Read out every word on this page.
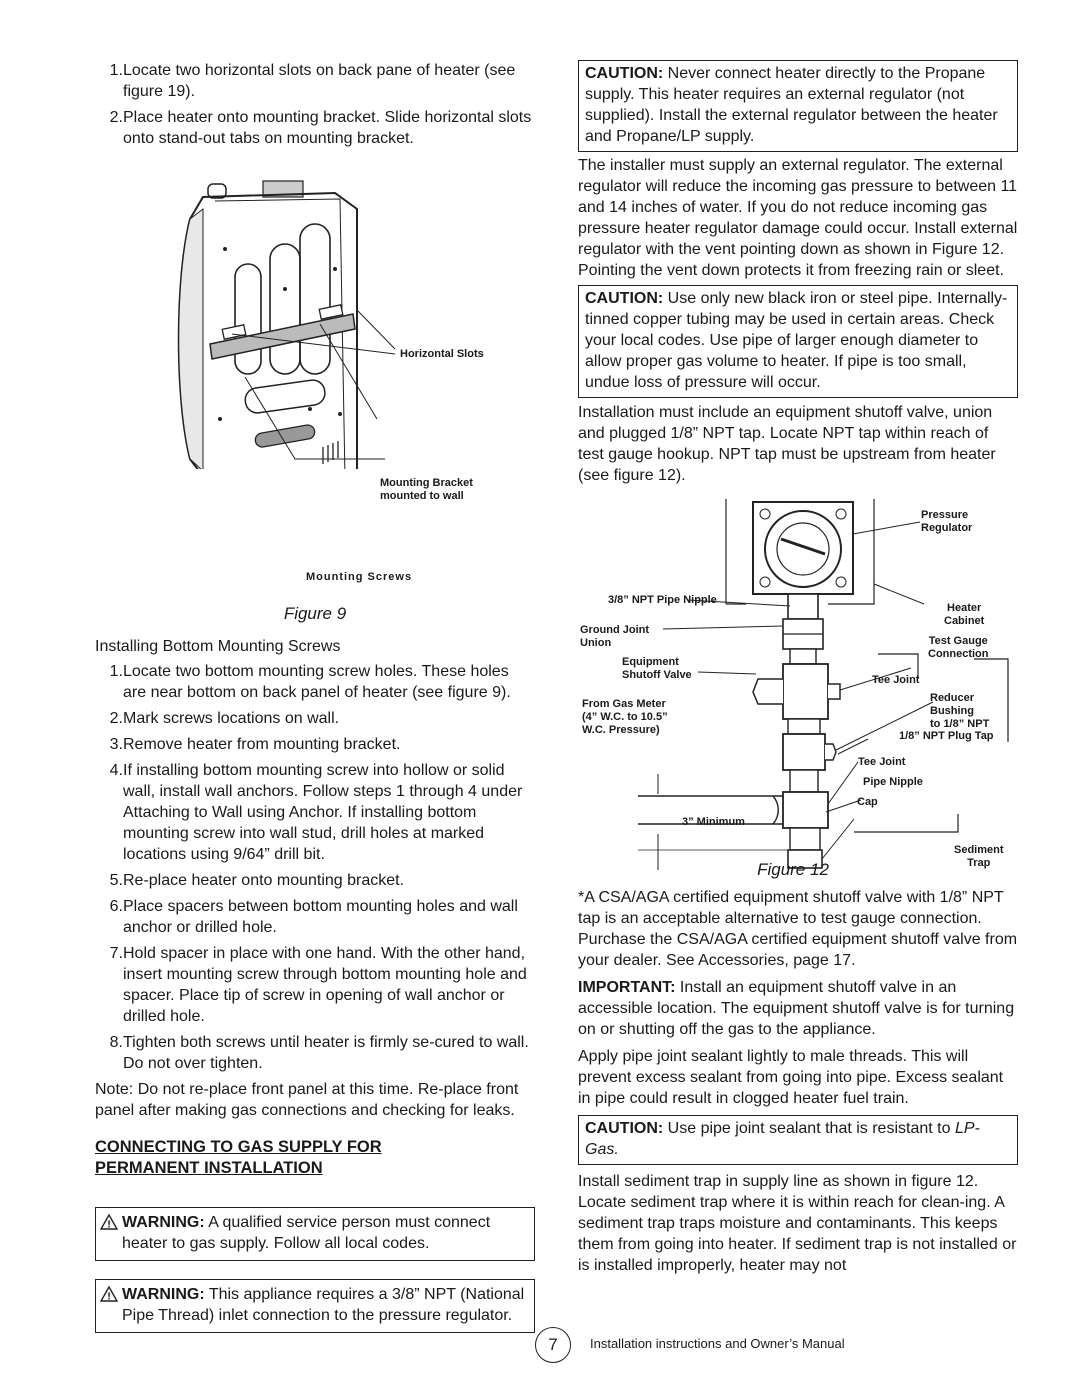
1 . Locate two horizontal slots on back pane of heater (see figure 19).
2 . Place heater onto mounting bracket. Slide horizontal slots onto stand-out tabs on mounting bracket.
Horizontal Slots
Mounting Bracket
mounted to wall
Mounting Screws
Figure 9
Installing Bottom Mounting Screws
1 . Locate two bottom mounting screw holes. These holes are near bottom on back panel of heater (see figure 9).
2 . Mark screws locations on wall.
3 . Remove heater from mounting bracket.
4 . If installing bottom mounting screw into hollow or solid wall, install wall anchors. Follow steps 1 through 4 under Attaching to Wall using Anchor. If installing bottom mounting screw into wall stud, drill holes at marked locations using 9/64” drill bit.
5 . Re-place heater onto mounting bracket.
6 . Place spacers between bottom mounting holes and wall anchor or drilled hole.
7 . Hold spacer in place with one hand. With the other hand, insert mounting screw through bottom mounting hole and spacer. Place tip of screw in opening of wall anchor or drilled hole.
8 . Tighten both screws until heater is firmly se-cured to wall. Do not over tighten.

Note: Do not re-place front panel at this time. Re-place front panel after making gas connections and checking for leaks.

CONNECTING TO GAS SUPPLY FOR
PERMANENT INSTALLATION
! WARNING: A qualified service person must connect heater to gas supply. Follow all local codes.
! WARNING: This appliance requires a 3/8” NPT (National Pipe Thread) inlet connection to the pressure regulator.
CAUTION: Never connect heater directly to the Propane supply. This heater requires an external regulator (not supplied). Install the external regulator between the heater and Propane/LP supply.

The installer must supply an external regulator. The external regulator will reduce the incoming gas pressure to between 11 and 14 inches of water. If you do not reduce incoming gas pressure heater regulator damage could occur. Install external regulator with the vent pointing down as shown in Figure 12. Pointing the vent down protects it from freezing rain or sleet.

CAUTION: Use only new black iron or steel pipe. Internally-tinned copper tubing may be used in certain areas. Check your local codes. Use pipe of larger enough diameter to allow proper gas volume to heater. If pipe is too small, undue loss of pressure will occur.

Installation must include an equipment shutoff valve, union and plugged 1/8” NPT tap. Locate NPT tap within reach of test gauge hookup. NPT tap must be upstream from heater (see figure 12).

Pressure
Regulator
3/8” NPT Pipe Nipple
Heater
Cabinet
Ground Joint
Union	Test Gauge
Connection
Equipment
Shutoff Valve	Tee Joint
Reducer Bushing
to 1/8” NPT
From Gas Meter
(4” W.C. to 10.5”
W.C. Pressure)	1/8” NPT Plug Tap
Tee Joint
Pipe Nipple
Cap
3” Minimum
Sediment
Trap
Figure 12

*A CSA/AGA certified equipment shutoff valve with 1/8” NPT tap is an acceptable alternative to test gauge connection. Purchase the CSA/AGA certified equipment shutoff valve from your dealer. See Accessories, page 17.

IMPORTANT: Install an equipment shutoff valve in an accessible location. The equipment shutoff valve is for turning on or shutting off the gas to the appliance.

Apply pipe joint sealant lightly to male threads. This will prevent excess sealant from going into pipe. Excess sealant in pipe could result in clogged heater fuel train.

CAUTION: Use pipe joint sealant that is resistant to LP-Gas.

Install sediment trap in supply line as shown in figure 12. Locate sediment trap where it is within reach for clean-ing. A sediment trap traps moisture and contaminants. This keeps them from going into heater. If sediment trap is not installed or is installed improperly, heater may not

7	Installation instructions and Owner’s Manual
